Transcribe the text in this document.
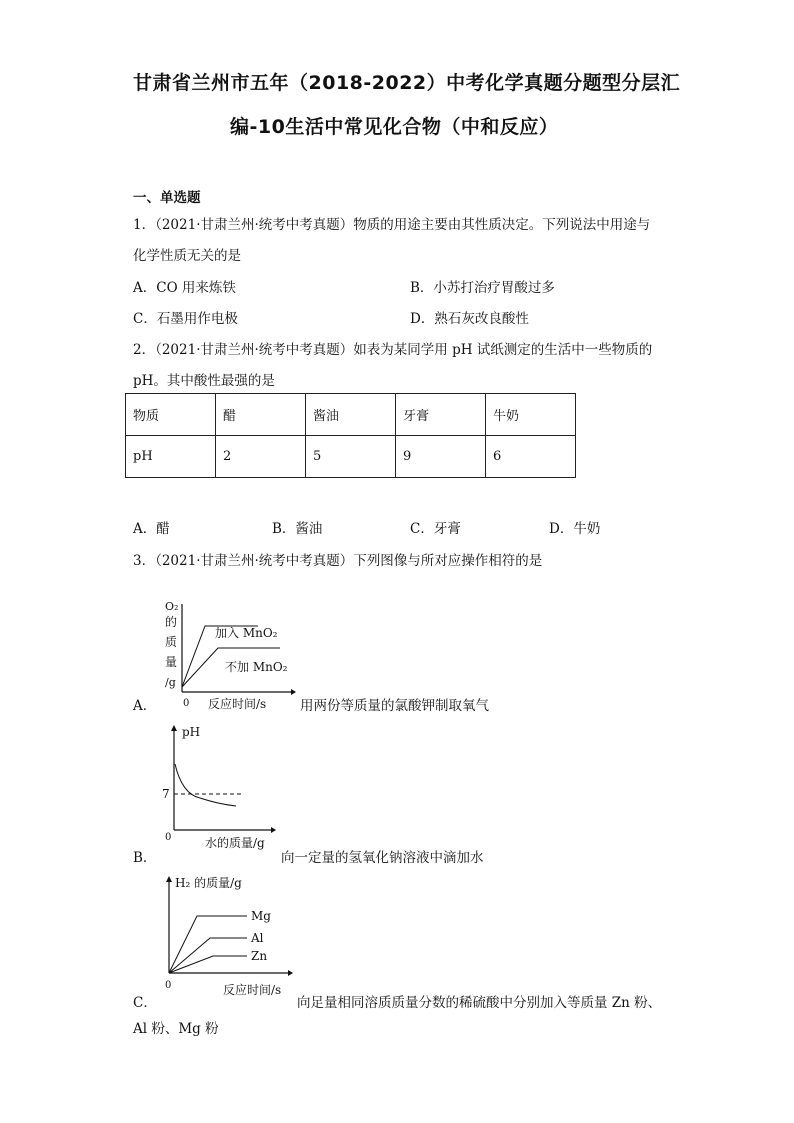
甘肃省兰州市五年（2018-2022）中考化学真题分题型分层汇
编-10生活中常见化合物（中和反应）
一、单选题
1．（2021·甘肃兰州·统考中考真题）物质的用途主要由其性质决定。下列说法中用途与
化学性质无关的是
A．CO 用来炼铁	B．小苏打治疗胃酸过多
C．石墨用作电极	D．熟石灰改良酸性
2．（2021·甘肃兰州·统考中考真题）如表为某同学用 pH 试纸测定的生活中一些物质的
pH。其中酸性最强的是
物质	醋	酱油	牙膏	牛奶
pH	2	5	9	6
A．醋	B．酱油	C．牙膏	D．牛奶
3．（2021·甘肃兰州·统考中考真题）下列图像与所对应操作相符的是
A．
O₂
的
质
量
/g
0 反应时间/s
加入 MnO₂
不加 MnO₂
用两份等质量的氯酸钾制取氧气
B．
pH
7
0	水的质量/g
向一定量的氢氧化钠溶液中滴加水
C．
H₂ 的质量/g
Mg
Al
Zn
0	反应时间/s
向足量相同溶质质量分数的稀硫酸中分别加入等质量 Zn 粉、
Al 粉、Mg 粉
